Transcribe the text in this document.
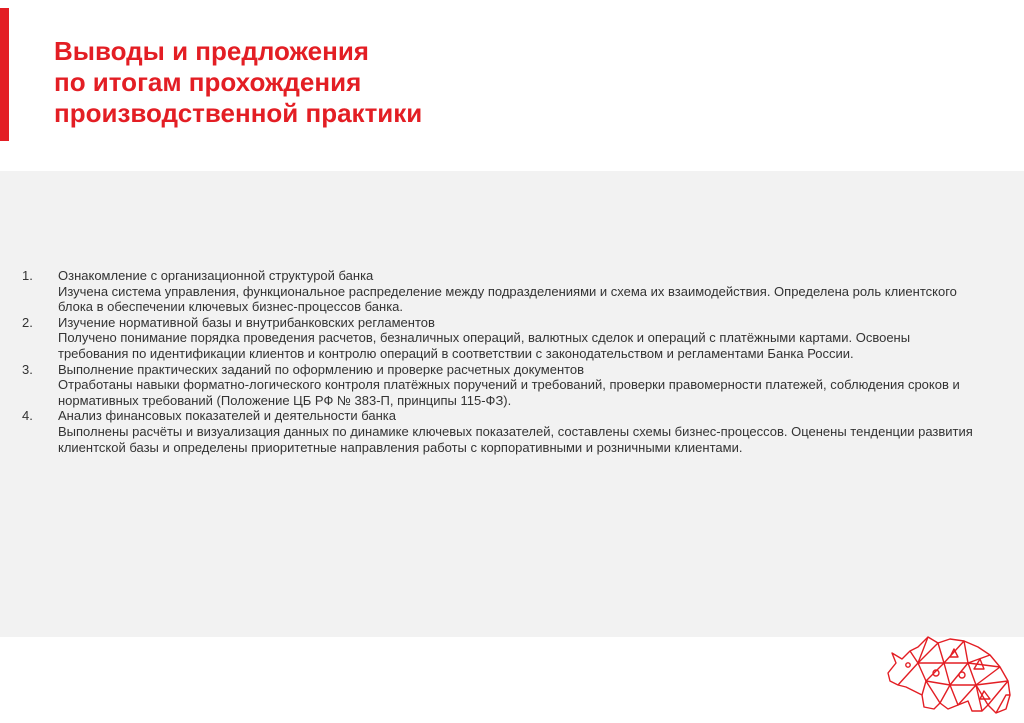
Выводы и предложения
по итогам прохождения
производственной практики
1.	Ознакомление с организационной структурой банка
Изучена система управления, функциональное распределение между подразделениями и схема их взаимодействия. Определена роль клиентского блока в обеспечении ключевых бизнес-процессов банка.
2.	Изучение нормативной базы и внутрибанковских регламентов
Получено понимание порядка проведения расчетов, безналичных операций, валютных сделок и операций с платёжными картами. Освоены требования по идентификации клиентов и контролю операций в соответствии с законодательством и регламентами Банка России.
3.	Выполнение практических заданий по оформлению и проверке расчетных документов
Отработаны навыки форматно-логического контроля платёжных поручений и требований, проверки правомерности платежей, соблюдения сроков и нормативных требований (Положение ЦБ РФ № 383-П, принципы 115-ФЗ).
4.	Анализ финансовых показателей и деятельности банка
Выполнены расчёты и визуализация данных по динамике ключевых показателей, составлены схемы бизнес-процессов. Оценены тенденции развития клиентской базы и определены приоритетные направления работы с корпоративными и розничными клиентами.
